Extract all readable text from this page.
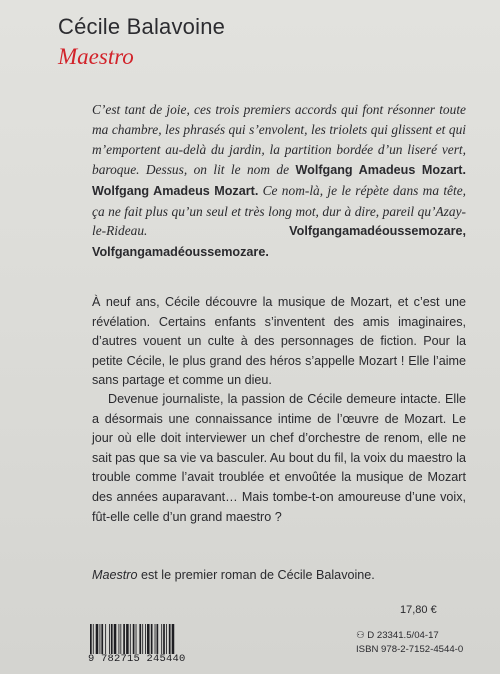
Cécile Balavoine
Maestro
C’est tant de joie, ces trois premiers accords qui font résonner toute ma chambre, les phrasés qui s’envolent, les triolets qui glissent et qui m’emportent au-delà du jardin, la partition bordée d’un liseré vert, baroque. Dessus, on lit le nom de Wolfgang Amadeus Mozart. Wolfgang Amadeus Mozart. Ce nom-là, je le répète dans ma tête, ça ne fait plus qu’un seul et très long mot, dur à dire, pareil qu’Azay-le-Rideau. Volfgangamadéoussemozare, Volfgangamadéoussemozare.
À neuf ans, Cécile découvre la musique de Mozart, et c’est une révélation. Certains enfants s’inventent des amis imaginaires, d’autres vouent un culte à des personnages de fiction. Pour la petite Cécile, le plus grand des héros s’appelle Mozart ! Elle l’aime sans partage et comme un dieu.
Devenue journaliste, la passion de Cécile demeure intacte. Elle a désormais une connaissance intime de l’œuvre de Mozart. Le jour où elle doit interviewer un chef d’orchestre de renom, elle ne sait pas que sa vie va basculer. Au bout du fil, la voix du maestro la trouble comme l’avait troublée et envoûtée la musique de Mozart des années auparavant… Mais tombe-t-on amoureuse d’une voix, fût-elle celle d’un grand maestro ?
Maestro est le premier roman de Cécile Balavoine.
17,80 €
⚇ D 23341.5/04-17
ISBN 978-2-7152-4544-0
9 782715 245440
